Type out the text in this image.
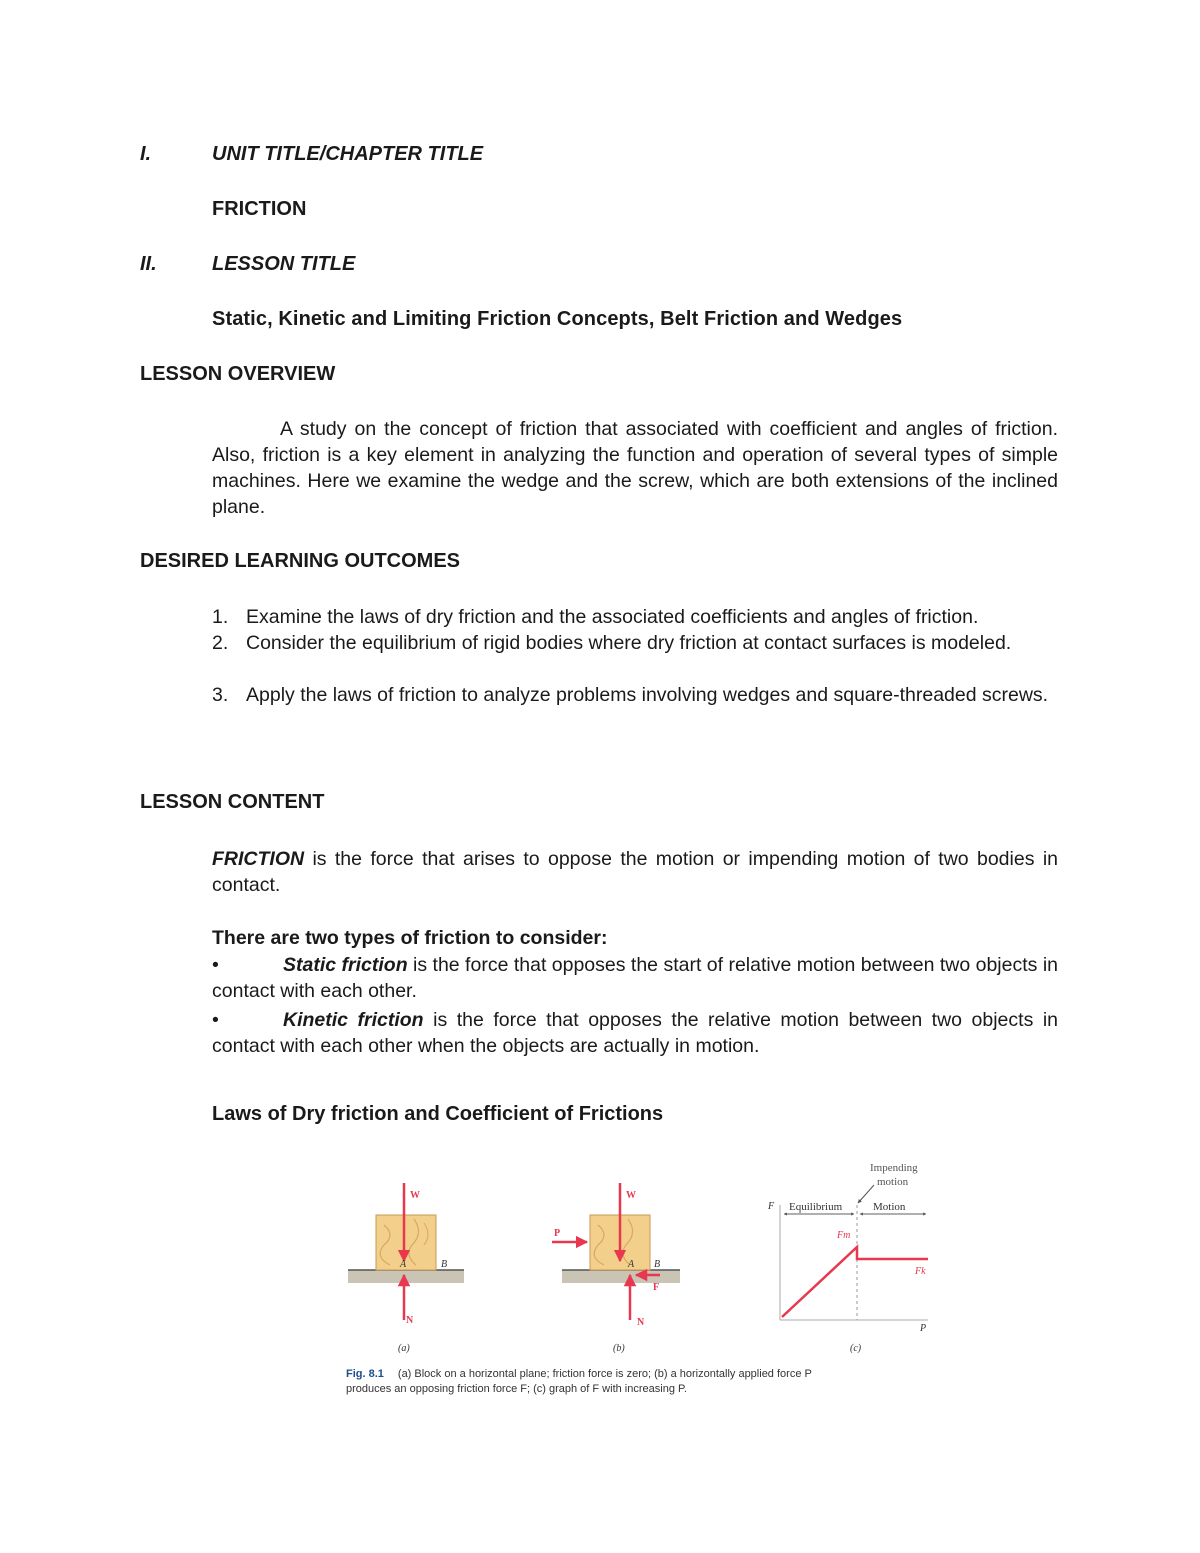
I.	UNIT TITLE/CHAPTER TITLE
FRICTION
II.	LESSON TITLE
Static, Kinetic and Limiting Friction Concepts, Belt Friction and Wedges
LESSON OVERVIEW
A study on the concept of friction that associated with coefficient and angles of friction. Also, friction is a key element in analyzing the function and operation of several types of simple machines. Here we examine the wedge and the screw, which are both extensions of the inclined plane.
DESIRED LEARNING OUTCOMES
1. Examine the laws of dry friction and the associated coefficients and angles of friction.
2. Consider the equilibrium of rigid bodies where dry friction at contact surfaces is modeled.
3. Apply the laws of friction to analyze problems involving wedges and square-threaded screws.
LESSON CONTENT
FRICTION is the force that arises to oppose the motion or impending motion of two bodies in contact.
There are two types of friction to consider:
•	Static friction is the force that opposes the start of relative motion between two objects in contact with each other.
•	Kinetic friction is the force that opposes the relative motion between two objects in contact with each other when the objects are actually in motion.
Laws of Dry friction and Coefficient of Frictions
W
N
A	B
(a)
W
N
P
F
A B
(b)
Impending
motion
F Equilibrium	Motion
Fm
Fk
P
(c)
Fig. 8.1 (a) Block on a horizontal plane; friction force is zero; (b) a horizontally applied force P
produces an opposing friction force F; (c) graph of F with increasing P.
